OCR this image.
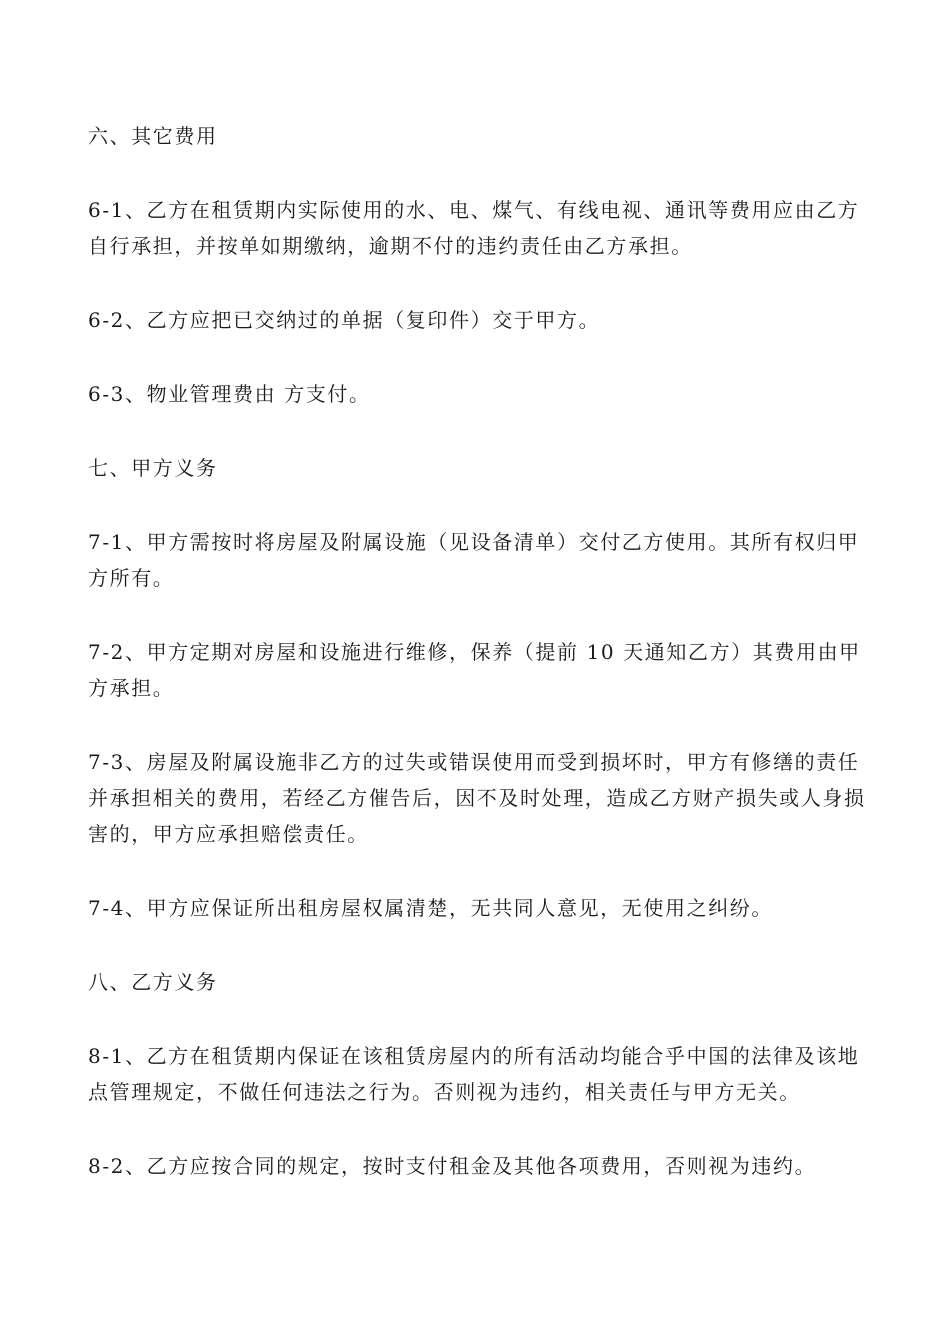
六、其它费用
6-1、乙方在租赁期内实际使用的水、电、煤气、有线电视、通讯等费用应由乙方自行承担，并按单如期缴纳，逾期不付的违约责任由乙方承担。
6-2、乙方应把已交纳过的单据（复印件）交于甲方。
6-3、物业管理费由 方支付。
七、甲方义务
7-1、甲方需按时将房屋及附属设施（见设备清单）交付乙方使用。其所有权归甲方所有。
7-2、甲方定期对房屋和设施进行维修，保养（提前 10 天通知乙方）其费用由甲方承担。
7-3、房屋及附属设施非乙方的过失或错误使用而受到损坏时，甲方有修缮的责任并承担相关的费用，若经乙方催告后，因不及时处理，造成乙方财产损失或人身损害的，甲方应承担赔偿责任。
7-4、甲方应保证所出租房屋权属清楚，无共同人意见，无使用之纠纷。
八、乙方义务
8-1、乙方在租赁期内保证在该租赁房屋内的所有活动均能合乎中国的法律及该地点管理规定，不做任何违法之行为。否则视为违约，相关责任与甲方无关。
8-2、乙方应按合同的规定，按时支付租金及其他各项费用，否则视为违约。
